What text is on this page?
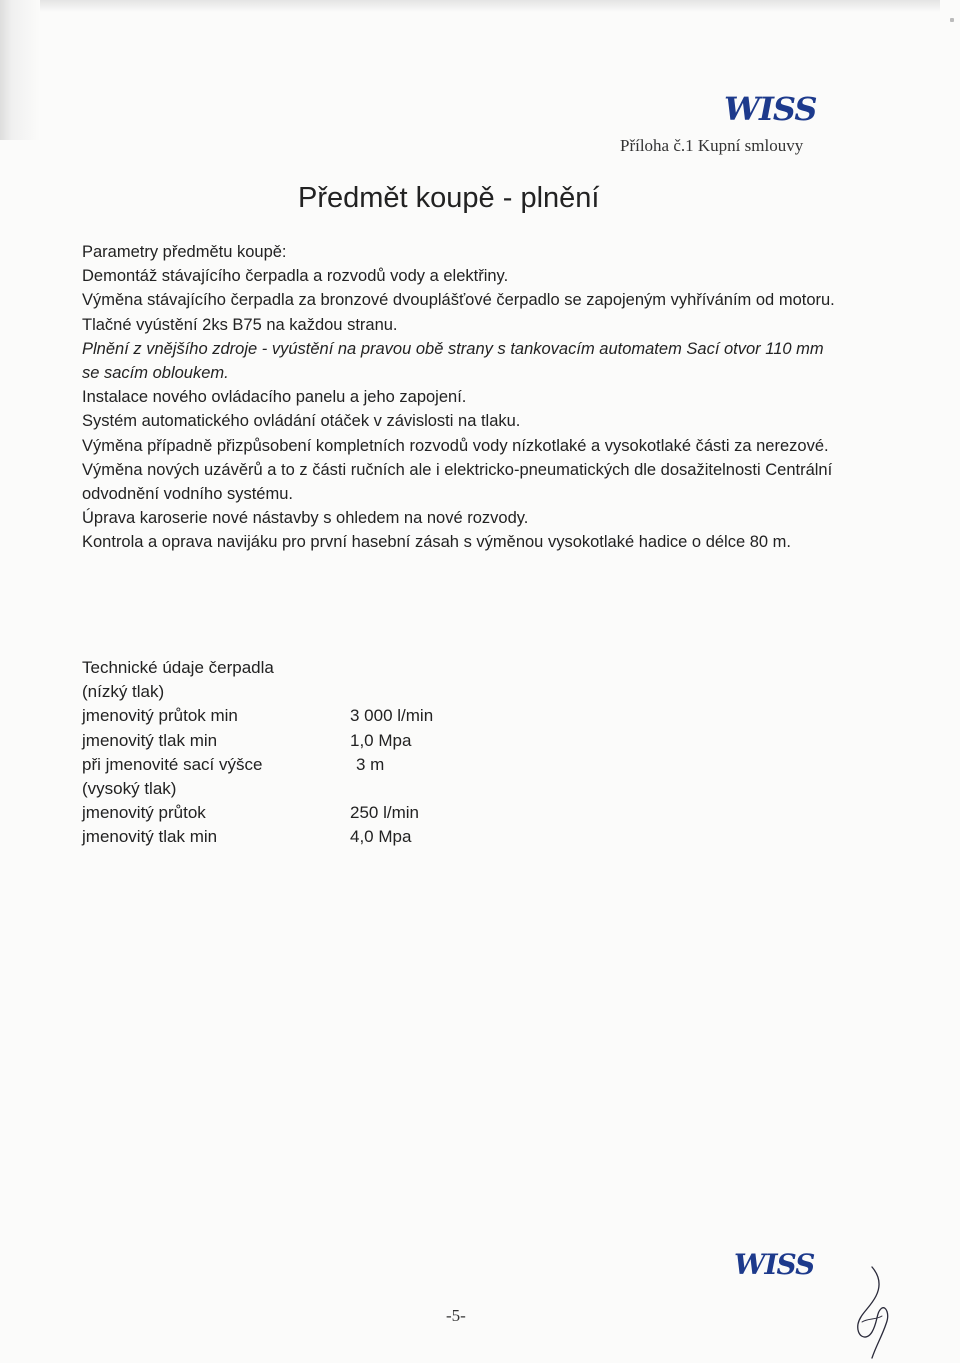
WISS
Příloha č.1 Kupní smlouvy
Předmět koupě - plnění

Parametry předmětu koupě:

Demontáž stávajícího čerpadla a rozvodů vody a elektřiny.

Výměna stávajícího čerpadla za bronzové dvouplášťové čerpadlo se zapojeným vyhříváním od motoru.

Tlačné vyústění 2ks B75 na každou stranu.

Plnění z vnějšího zdroje - vyústění na pravou obě strany s tankovacím automatem Sací otvor 110 mm se sacím obloukem.

Instalace nového ovládacího panelu a jeho zapojení.

Systém automatického ovládání otáček v závislosti na tlaku.

Výměna případně přizpůsobení kompletních rozvodů vody nízkotlaké a vysokotlaké části za nerezové.

Výměna nových uzávěrů a to z části ručních ale i elektricko-pneumatických dle dosažitelnosti Centrální odvodnění vodního systému.

Úprava karoserie nové nástavby s ohledem na nové rozvody.

Kontrola a oprava navijáku pro první hasební zásah s výměnou vysokotlaké hadice o délce 80 m.

Technické údaje čerpadla
(nízký tlak)
jmenovitý průtok min	3 000 l/min
jmenovitý tlak min	1,0 Mpa
při jmenovité sací výšce	3 m
(vysoký tlak)
jmenovitý průtok	250 l/min
jmenovitý tlak min	4,0 Mpa
WISS
-5-
